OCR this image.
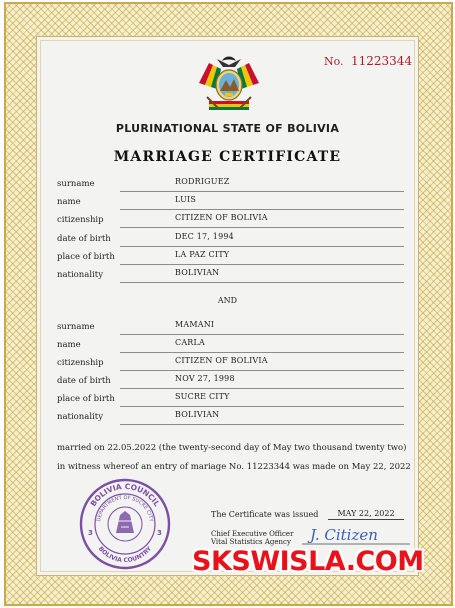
No. 11223344
PLURINATIONAL STATE OF BOLIVIA
MARRIAGE CERTIFICATE
surname	RODRIGUEZ
name	LUIS
citizenship	CITIZEN OF BOLIVIA
date of birth	DEC 17, 1994
place of birth	LA PAZ CITY
nationality	BOLIVIAN
AND
surname	MAMANI
name	CARLA
citizenship	CITIZEN OF BOLIVIA
date of birth	NOV 27, 1998
place of birth	SUCRE CITY
nationality	BOLIVIAN
married on 22.05.2022 (the twenty-second day of May two thousand twenty two)
in witness whereof an entry of mariage No. 11223344 was made on May 22, 2022
BOLIVIA COUNCIL
DEPARTMENT OF SUCRE CITY
BOLIVIA COUNTRY
3	3
The Certificate was issued	MAY 22, 2022
Chief Executive Officer
Vital Statistics Agency J. Citizen
SKSWISLA.COM
